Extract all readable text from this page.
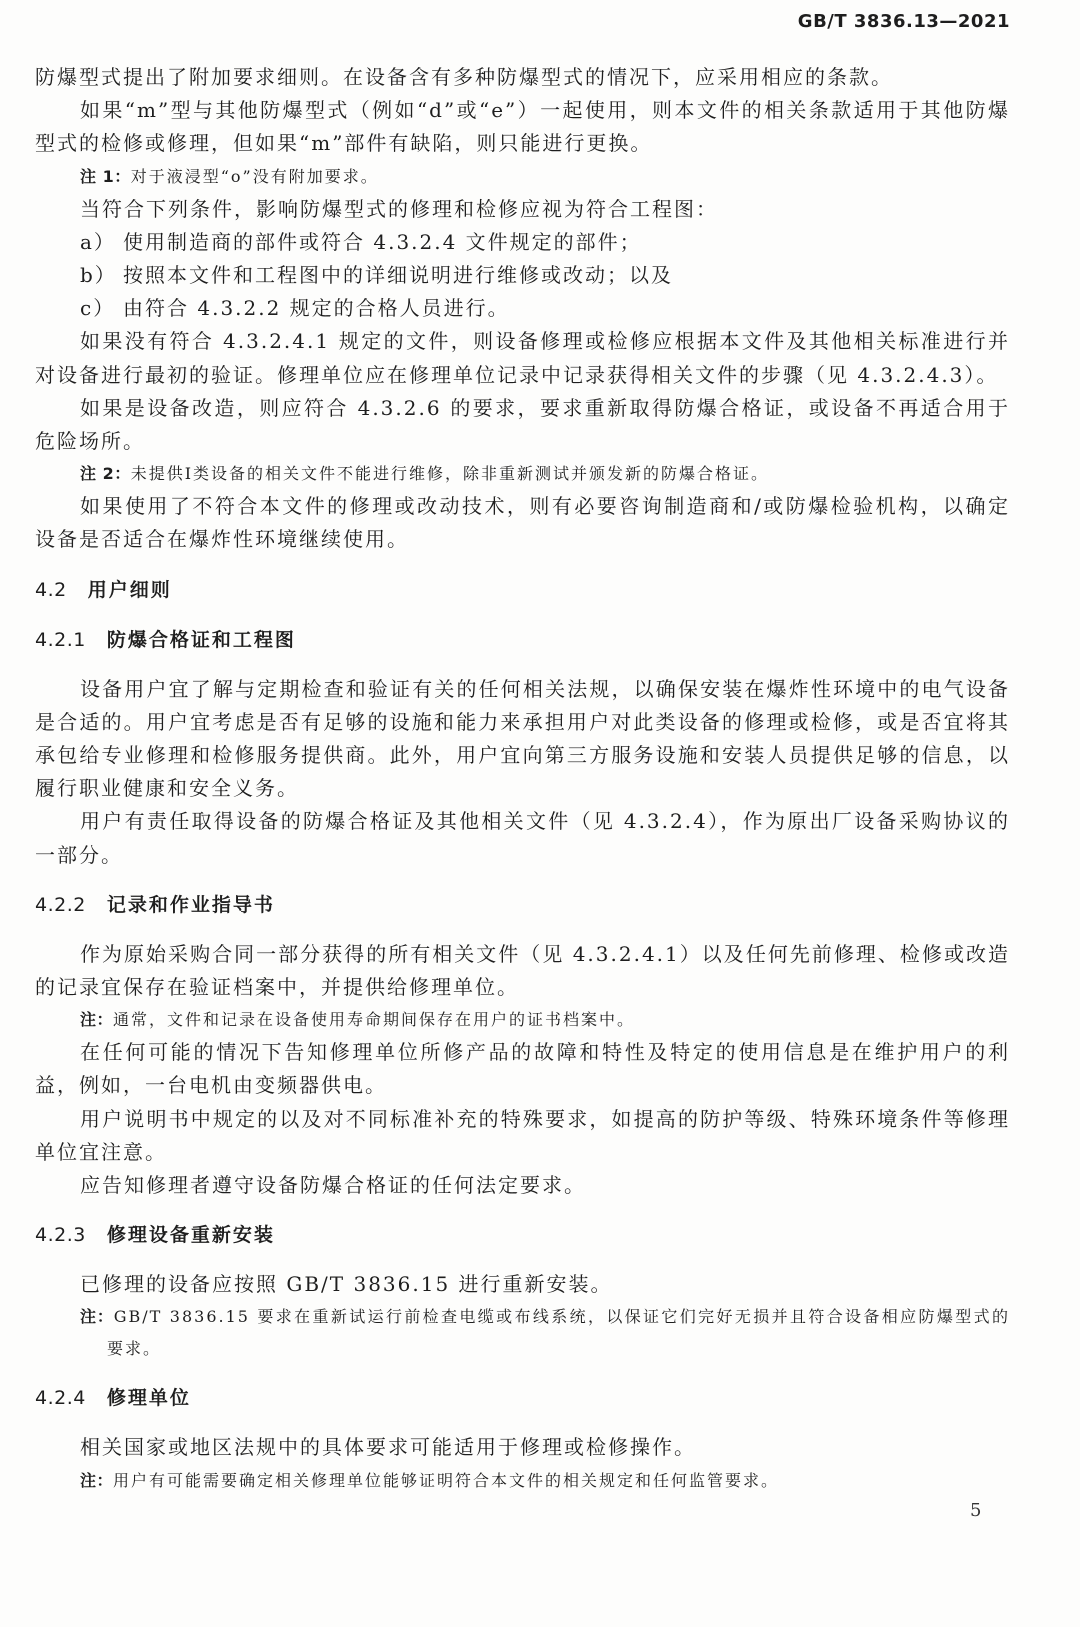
GB/T 3836.13—2021

防爆型式提出了附加要求细则。在设备含有多种防爆型式的情况下，应采用相应的条款。

如果“m”型与其他防爆型式（例如“d”或“e”）一起使用，则本文件的相关条款适用于其他防爆型式的检修或修理，但如果“m”部件有缺陷，则只能进行更换。

注 1：对于液浸型“o”没有附加要求。

当符合下列条件，影响防爆型式的修理和检修应视为符合工程图：

a） 使用制造商的部件或符合 4.3.2.4 文件规定的部件；
b） 按照本文件和工程图中的详细说明进行维修或改动；以及
c） 由符合 4.3.2.2 规定的合格人员进行。

如果没有符合 4.3.2.4.1 规定的文件，则设备修理或检修应根据本文件及其他相关标准进行并对设备进行最初的验证。修理单位应在修理单位记录中记录获得相关文件的步骤（见 4.3.2.4.3）。

如果是设备改造，则应符合 4.3.2.6 的要求，要求重新取得防爆合格证，或设备不再适合用于危险场所。

注 2：未提供Ⅰ类设备的相关文件不能进行维修，除非重新测试并颁发新的防爆合格证。

如果使用了不符合本文件的修理或改动技术，则有必要咨询制造商和/或防爆检验机构，以确定设备是否适合在爆炸性环境继续使用。

4.2 用户细则
4.2.1 防爆合格证和工程图

设备用户宜了解与定期检查和验证有关的任何相关法规，以确保安装在爆炸性环境中的电气设备是合适的。用户宜考虑是否有足够的设施和能力来承担用户对此类设备的修理或检修，或是否宜将其承包给专业修理和检修服务提供商。此外，用户宜向第三方服务设施和安装人员提供足够的信息，以履行职业健康和安全义务。

用户有责任取得设备的防爆合格证及其他相关文件（见 4.3.2.4），作为原出厂设备采购协议的一部分。

4.2.2 记录和作业指导书

作为原始采购合同一部分获得的所有相关文件（见 4.3.2.4.1）以及任何先前修理、检修或改造的记录宜保存在验证档案中，并提供给修理单位。

注：通常，文件和记录在设备使用寿命期间保存在用户的证书档案中。

在任何可能的情况下告知修理单位所修产品的故障和特性及特定的使用信息是在维护用户的利益，例如，一台电机由变频器供电。

用户说明书中规定的以及对不同标准补充的特殊要求，如提高的防护等级、特殊环境条件等修理单位宜注意。

应告知修理者遵守设备防爆合格证的任何法定要求。

4.2.3 修理设备重新安装

已修理的设备应按照 GB/T 3836.15 进行重新安装。

注：GB/T 3836.15 要求在重新试运行前检查电缆或布线系统，以保证它们完好无损并且符合设备相应防爆型式的要求。

4.2.4 修理单位

相关国家或地区法规中的具体要求可能适用于修理或检修操作。

注：用户有可能需要确定相关修理单位能够证明符合本文件的相关规定和任何监管要求。

5
